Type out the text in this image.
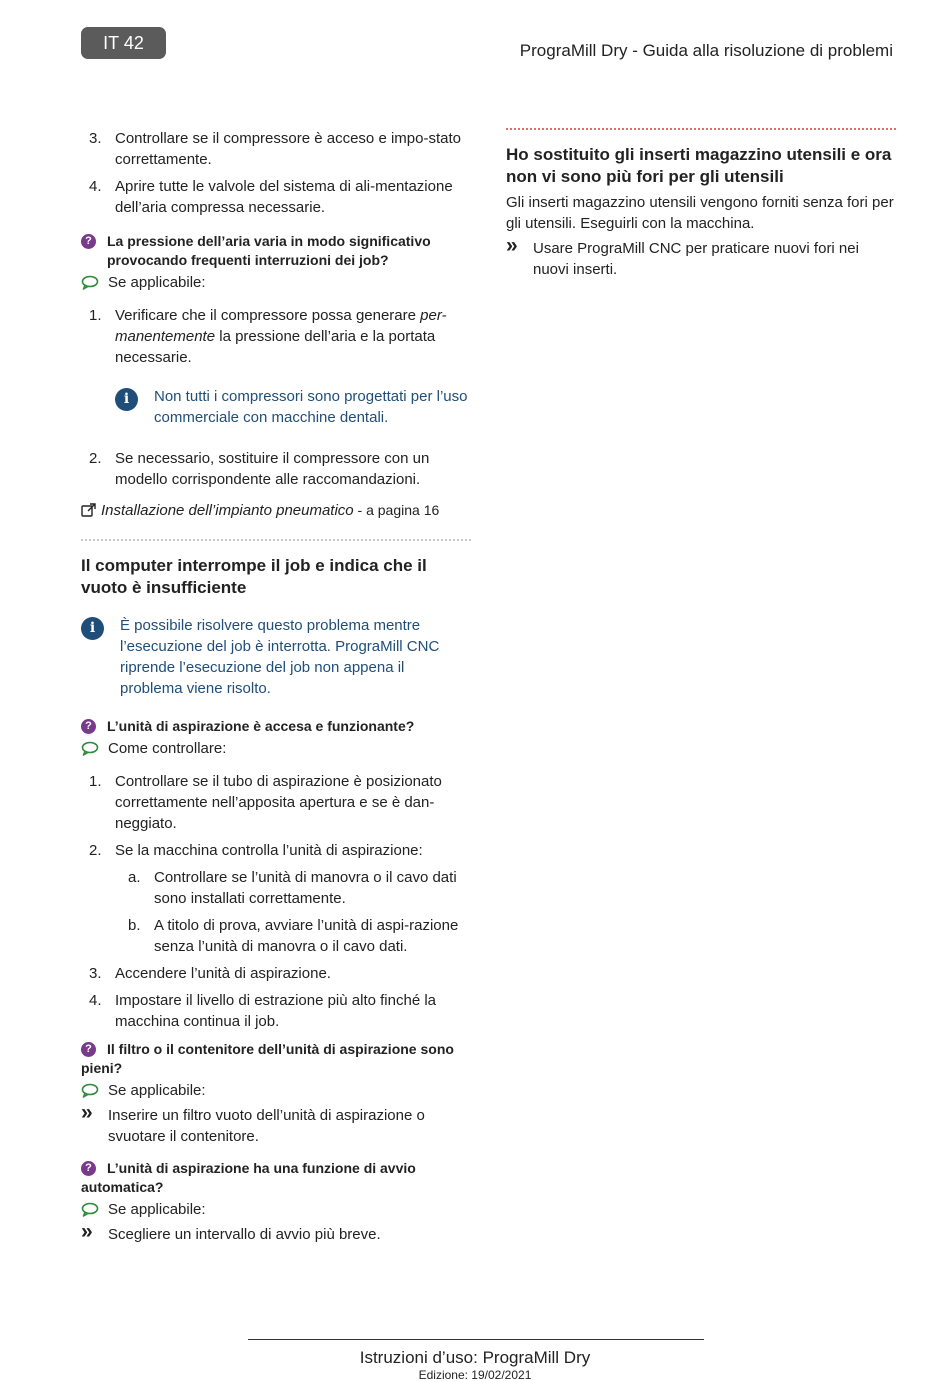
IT 42	PrograMill Dry - Guida alla risoluzione di problemi
3. Controllare se il compressore è acceso e impo-stato correttamente.
4. Aprire tutte le valvole del sistema di ali-mentazione dell’aria compressa necessarie.
? La pressione dell’aria varia in modo significativo provocando frequenti interruzioni dei job?
Se applicabile:
1. Verificare che il compressore possa generare per-manentemente la pressione dell’aria e la portata necessarie.
i	Non tutti i compressori sono progettati per l’uso commerciale con macchine dentali.
2. Se necessario, sostituire il compressore con un modello corrispondente alle raccomandazioni.
Installazione dell’impianto pneumatico - a pagina 16
Il computer interrompe il job e indica che il vuoto è insufficiente
i	È possibile risolvere questo problema mentre l’esecuzione del job è interrotta. PrograMill CNC riprende l’esecuzione del job non appena il problema viene risolto.
? L’unità di aspirazione è accesa e funzionante?
Come controllare:
1. Controllare se il tubo di aspirazione è posizionato correttamente nell’apposita apertura e se è dan-neggiato.
2. Se la macchina controlla l’unità di aspirazione:
a. Controllare se l’unità di manovra o il cavo dati sono installati correttamente.
b. A titolo di prova, avviare l’unità di aspi-razione senza l’unità di manovra o il cavo dati.
3. Accendere l’unità di aspirazione.
4. Impostare il livello di estrazione più alto finché la macchina continua il job.
? Il filtro o il contenitore dell’unità di aspirazione sono pieni?
Se applicabile:
» Inserire un filtro vuoto dell’unità di aspirazione o svuotare il contenitore.
? L’unità di aspirazione ha una funzione di avvio automatica?
Se applicabile:
» Scegliere un intervallo di avvio più breve.
Ho sostituito gli inserti magazzino utensili e ora non vi sono più fori per gli utensili

Gli inserti magazzino utensili vengono forniti senza fori per gli utensili. Eseguirli con la macchina.

» Usare PrograMill CNC per praticare nuovi fori nei nuovi inserti.
Istruzioni d’uso: PrograMill Dry
Edizione: 19/02/2021
